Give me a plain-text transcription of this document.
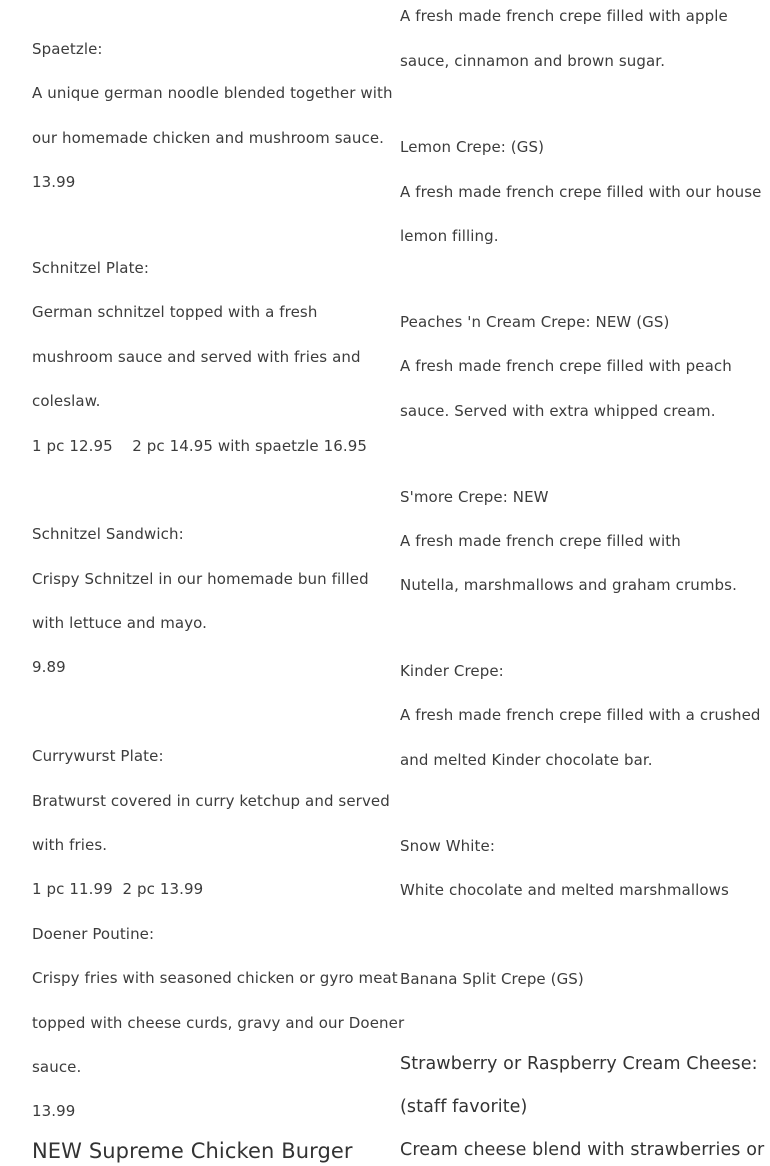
Spaetzle:
A unique german noodle blended together with
our homemade chicken and mushroom sauce.
13.99
Schnitzel Plate:
German schnitzel topped with a fresh
mushroom sauce and served with fries and
coleslaw.
1 pc 12.95    2 pc 14.95 with spaetzle 16.95
Schnitzel Sandwich:
Crispy Schnitzel in our homemade bun filled
with lettuce and mayo.
9.89
Currywurst Plate:
Bratwurst covered in curry ketchup and served
with fries.
1 pc 11.99  2 pc 13.99
Doener Poutine:
Crispy fries with seasoned chicken or gyro meat
topped with cheese curds, gravy and our Doener
sauce.
13.99
NEW Supreme Chicken Burger
A fresh made french crepe filled with apple
sauce, cinnamon and brown sugar.
Lemon Crepe: (GS)
A fresh made french crepe filled with our house
lemon filling.
Peaches 'n Cream Crepe: NEW (GS)
A fresh made french crepe filled with peach
sauce. Served with extra whipped cream.
S'more Crepe: NEW
A fresh made french crepe filled with
Nutella, marshmallows and graham crumbs.
Kinder Crepe:
A fresh made french crepe filled with a crushed
and melted Kinder chocolate bar.
Snow White:
White chocolate and melted marshmallows
Banana Split Crepe (GS)
Strawberry or Raspberry Cream Cheese:
(staff favorite)
Cream cheese blend with strawberries or
